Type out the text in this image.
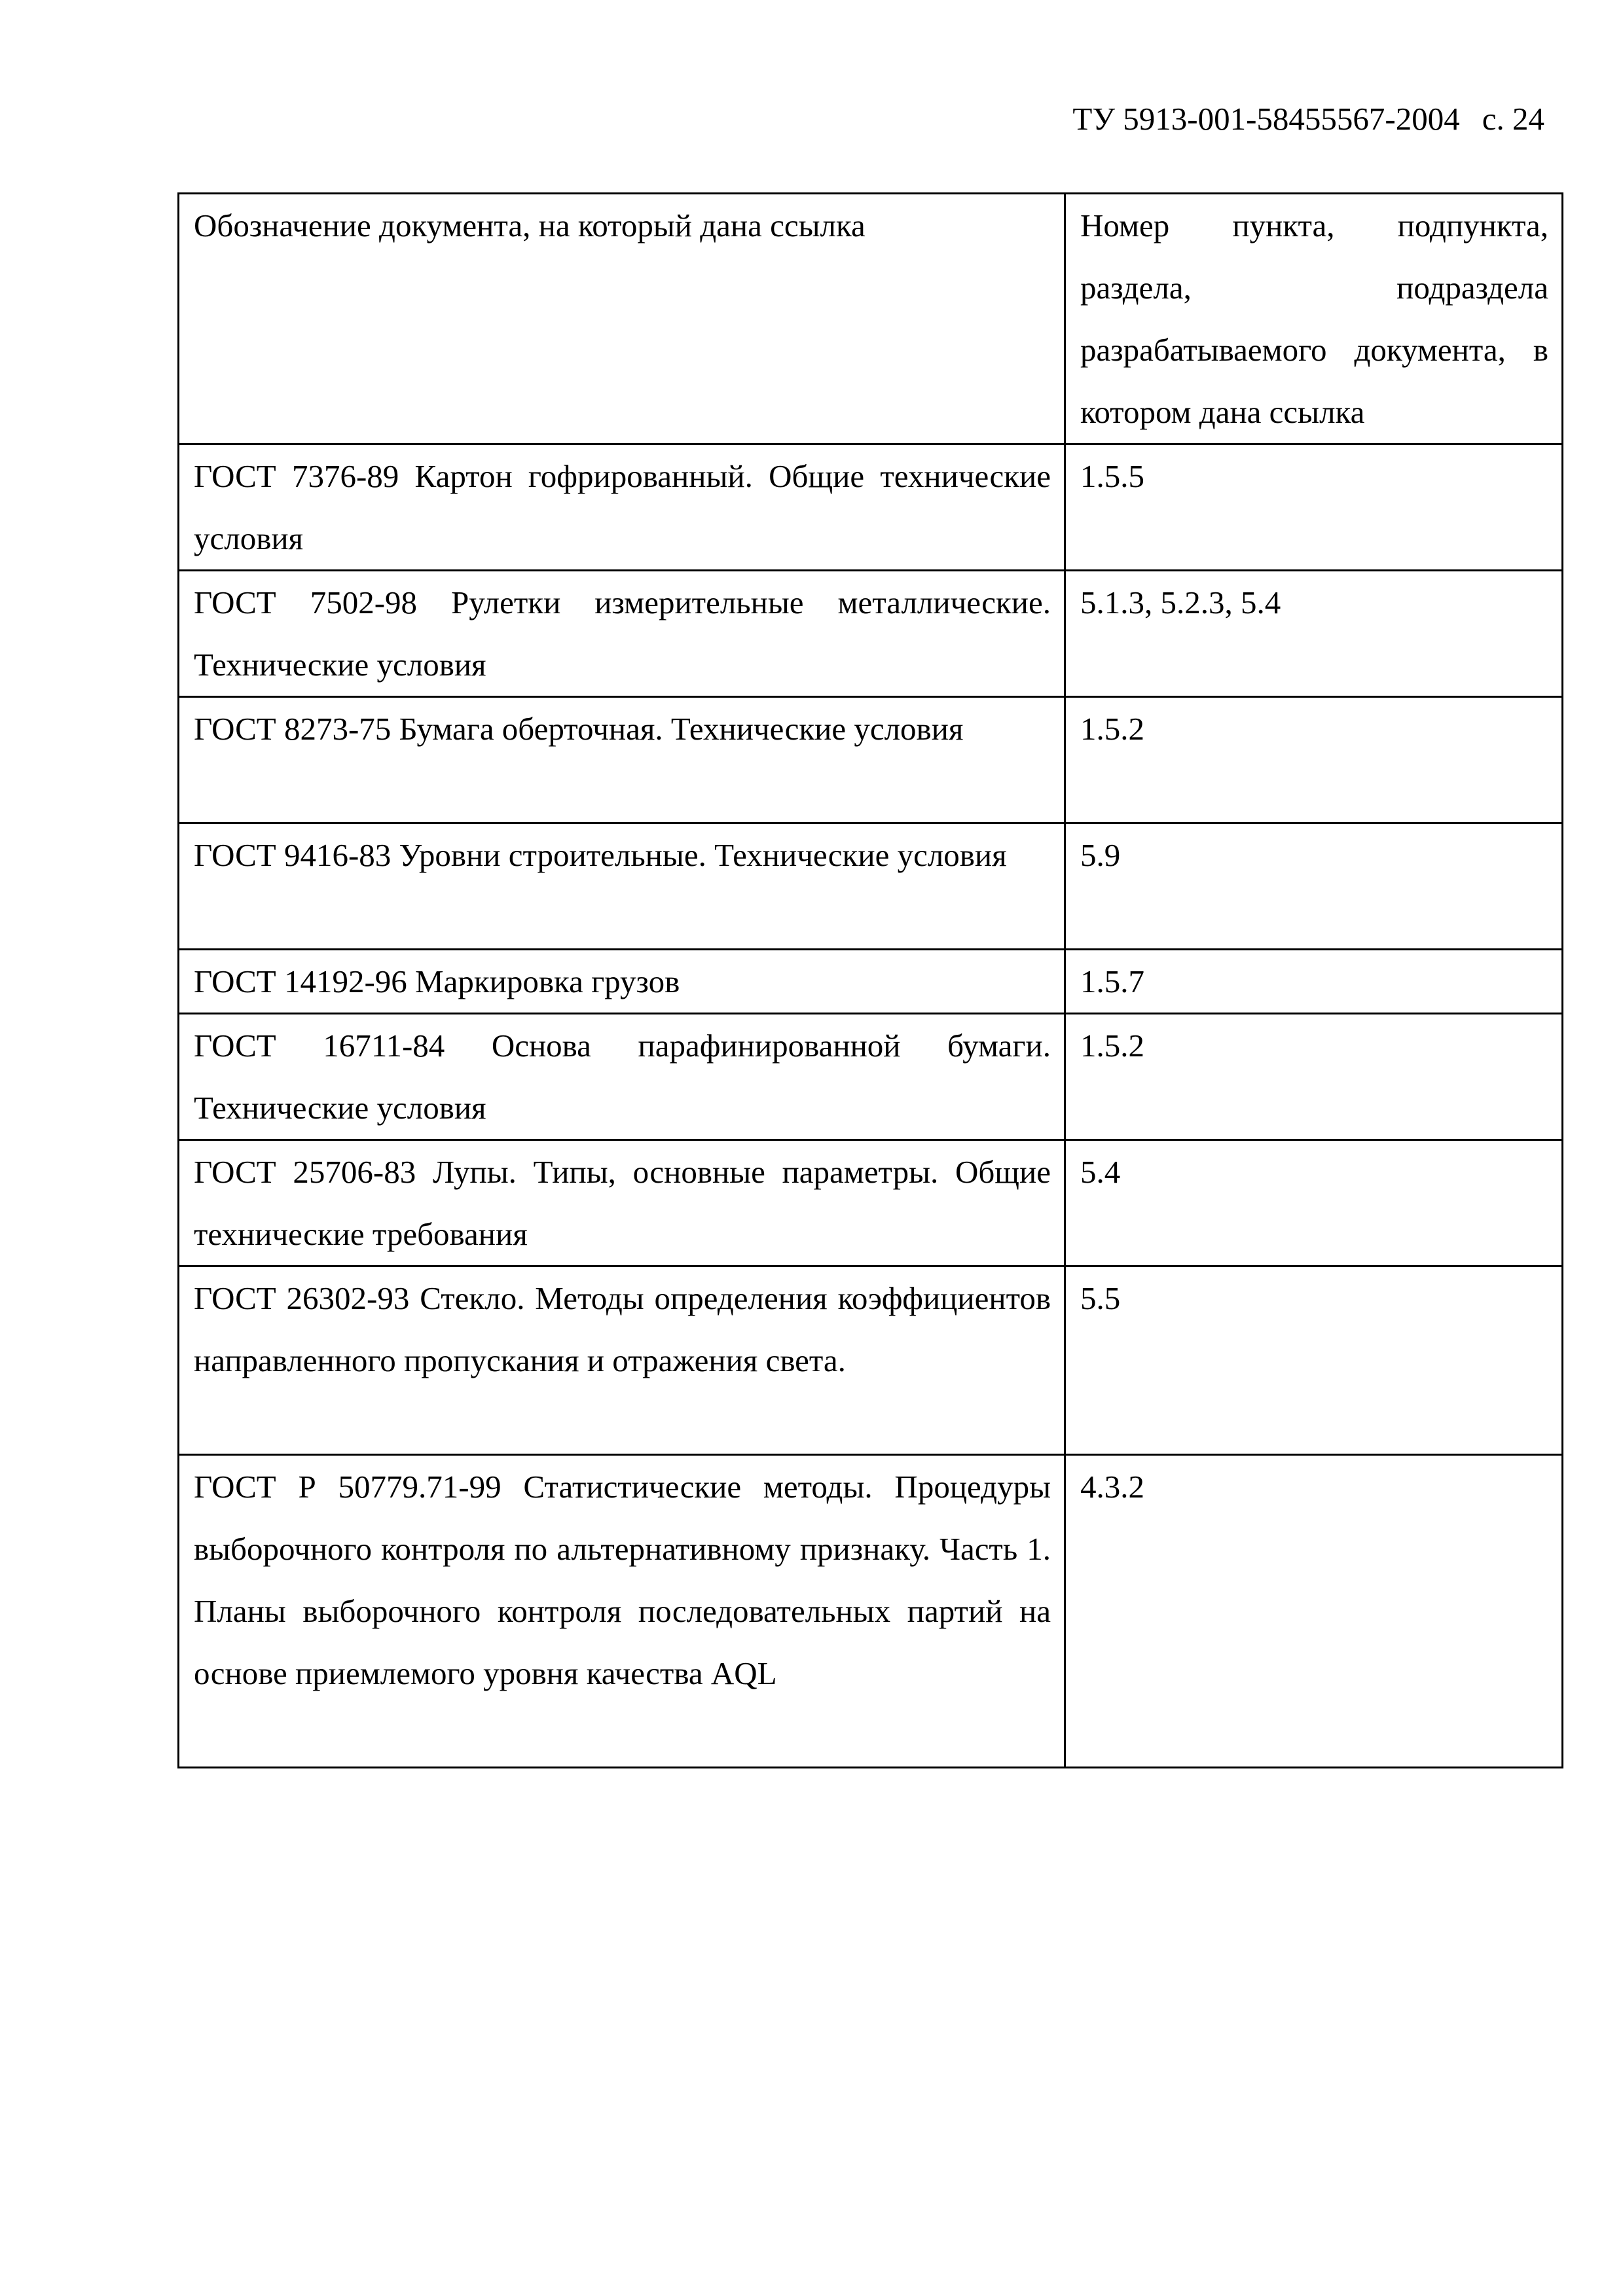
ТУ 5913-001-58455567-2004 с. 24
Обозначение документа, на который дана ссылка	Номер пункта, подпункта, раздела, подраздела разрабатываемого документа, в котором дана ссылка
ГОСТ 7376-89 Картон гофрированный. Общие технические условия	1.5.5
ГОСТ 7502-98 Рулетки измерительные металлические. Технические условия	5.1.3, 5.2.3, 5.4
ГОСТ 8273-75 Бумага оберточная. Технические условия	1.5.2
ГОСТ 9416-83 Уровни строительные. Технические условия	5.9
ГОСТ 14192-96 Маркировка грузов	1.5.7
ГОСТ 16711-84 Основа парафинированной бумаги. Технические условия	1.5.2
ГОСТ 25706-83 Лупы. Типы, основные параметры. Общие технические требования	5.4
ГОСТ 26302-93 Стекло. Методы определения коэффициентов направленного пропускания и отражения света.	5.5
ГОСТ Р 50779.71-99 Статистические методы. Процедуры выборочного контроля по альтернативному признаку. Часть 1. Планы выборочного контроля последовательных партий на основе приемлемого уровня качества AQL	4.3.2
